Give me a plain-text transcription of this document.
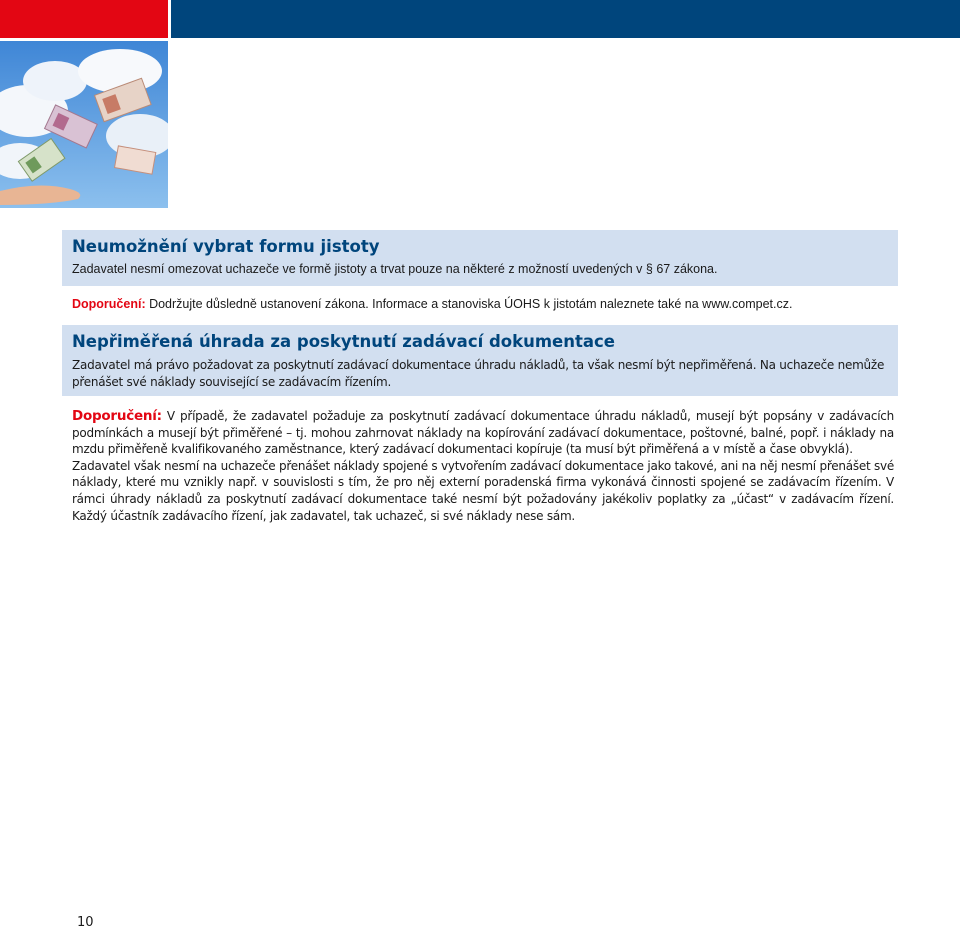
Neumožnění vybrat formu jistoty
Zadavatel nesmí omezovat uchazeče ve formě jistoty a trvat pouze na některé z možností uvedených v § 67 zákona.
Doporučení: Dodržujte důsledně ustanovení zákona. Informace a stanoviska ÚOHS k jistotám naleznete také na www.compet.cz.
Nepřiměřená úhrada za poskytnutí zadávací dokumentace
Zadavatel má právo požadovat za poskytnutí zadávací dokumentace úhradu nákladů, ta však nesmí být nepřiměřená. Na uchazeče nemůže přenášet své náklady související se zadávacím řízením.

Doporučení: V případě, že zadavatel požaduje za poskytnutí zadávací dokumentace úhradu nákladů, musejí být popsány v zadávacích podmínkách a musejí být přiměřené – tj. mohou zahrnovat náklady na kopírování zadávací dokumentace, poštovné, balné, popř. i náklady na mzdu přiměřeně kvalifikovaného zaměstnance, který zadávací dokumentaci kopíruje (ta musí být přiměřená a v místě a čase obvyklá).

Zadavatel však nesmí na uchazeče přenášet náklady spojené s vytvořením zadávací dokumentace jako takové, ani na něj nesmí přenášet své náklady, které mu vznikly např. v souvislosti s tím, že pro něj externí poradenská firma vykonává činnosti spojené se zadávacím řízením. V rámci úhrady nákladů za poskytnutí zadávací dokumentace také nesmí být požadovány jakékoliv poplatky za „účast“ v zadávacím řízení. Každý účastník zadávacího řízení, jak zadavatel, tak uchazeč, si své náklady nese sám.

10
